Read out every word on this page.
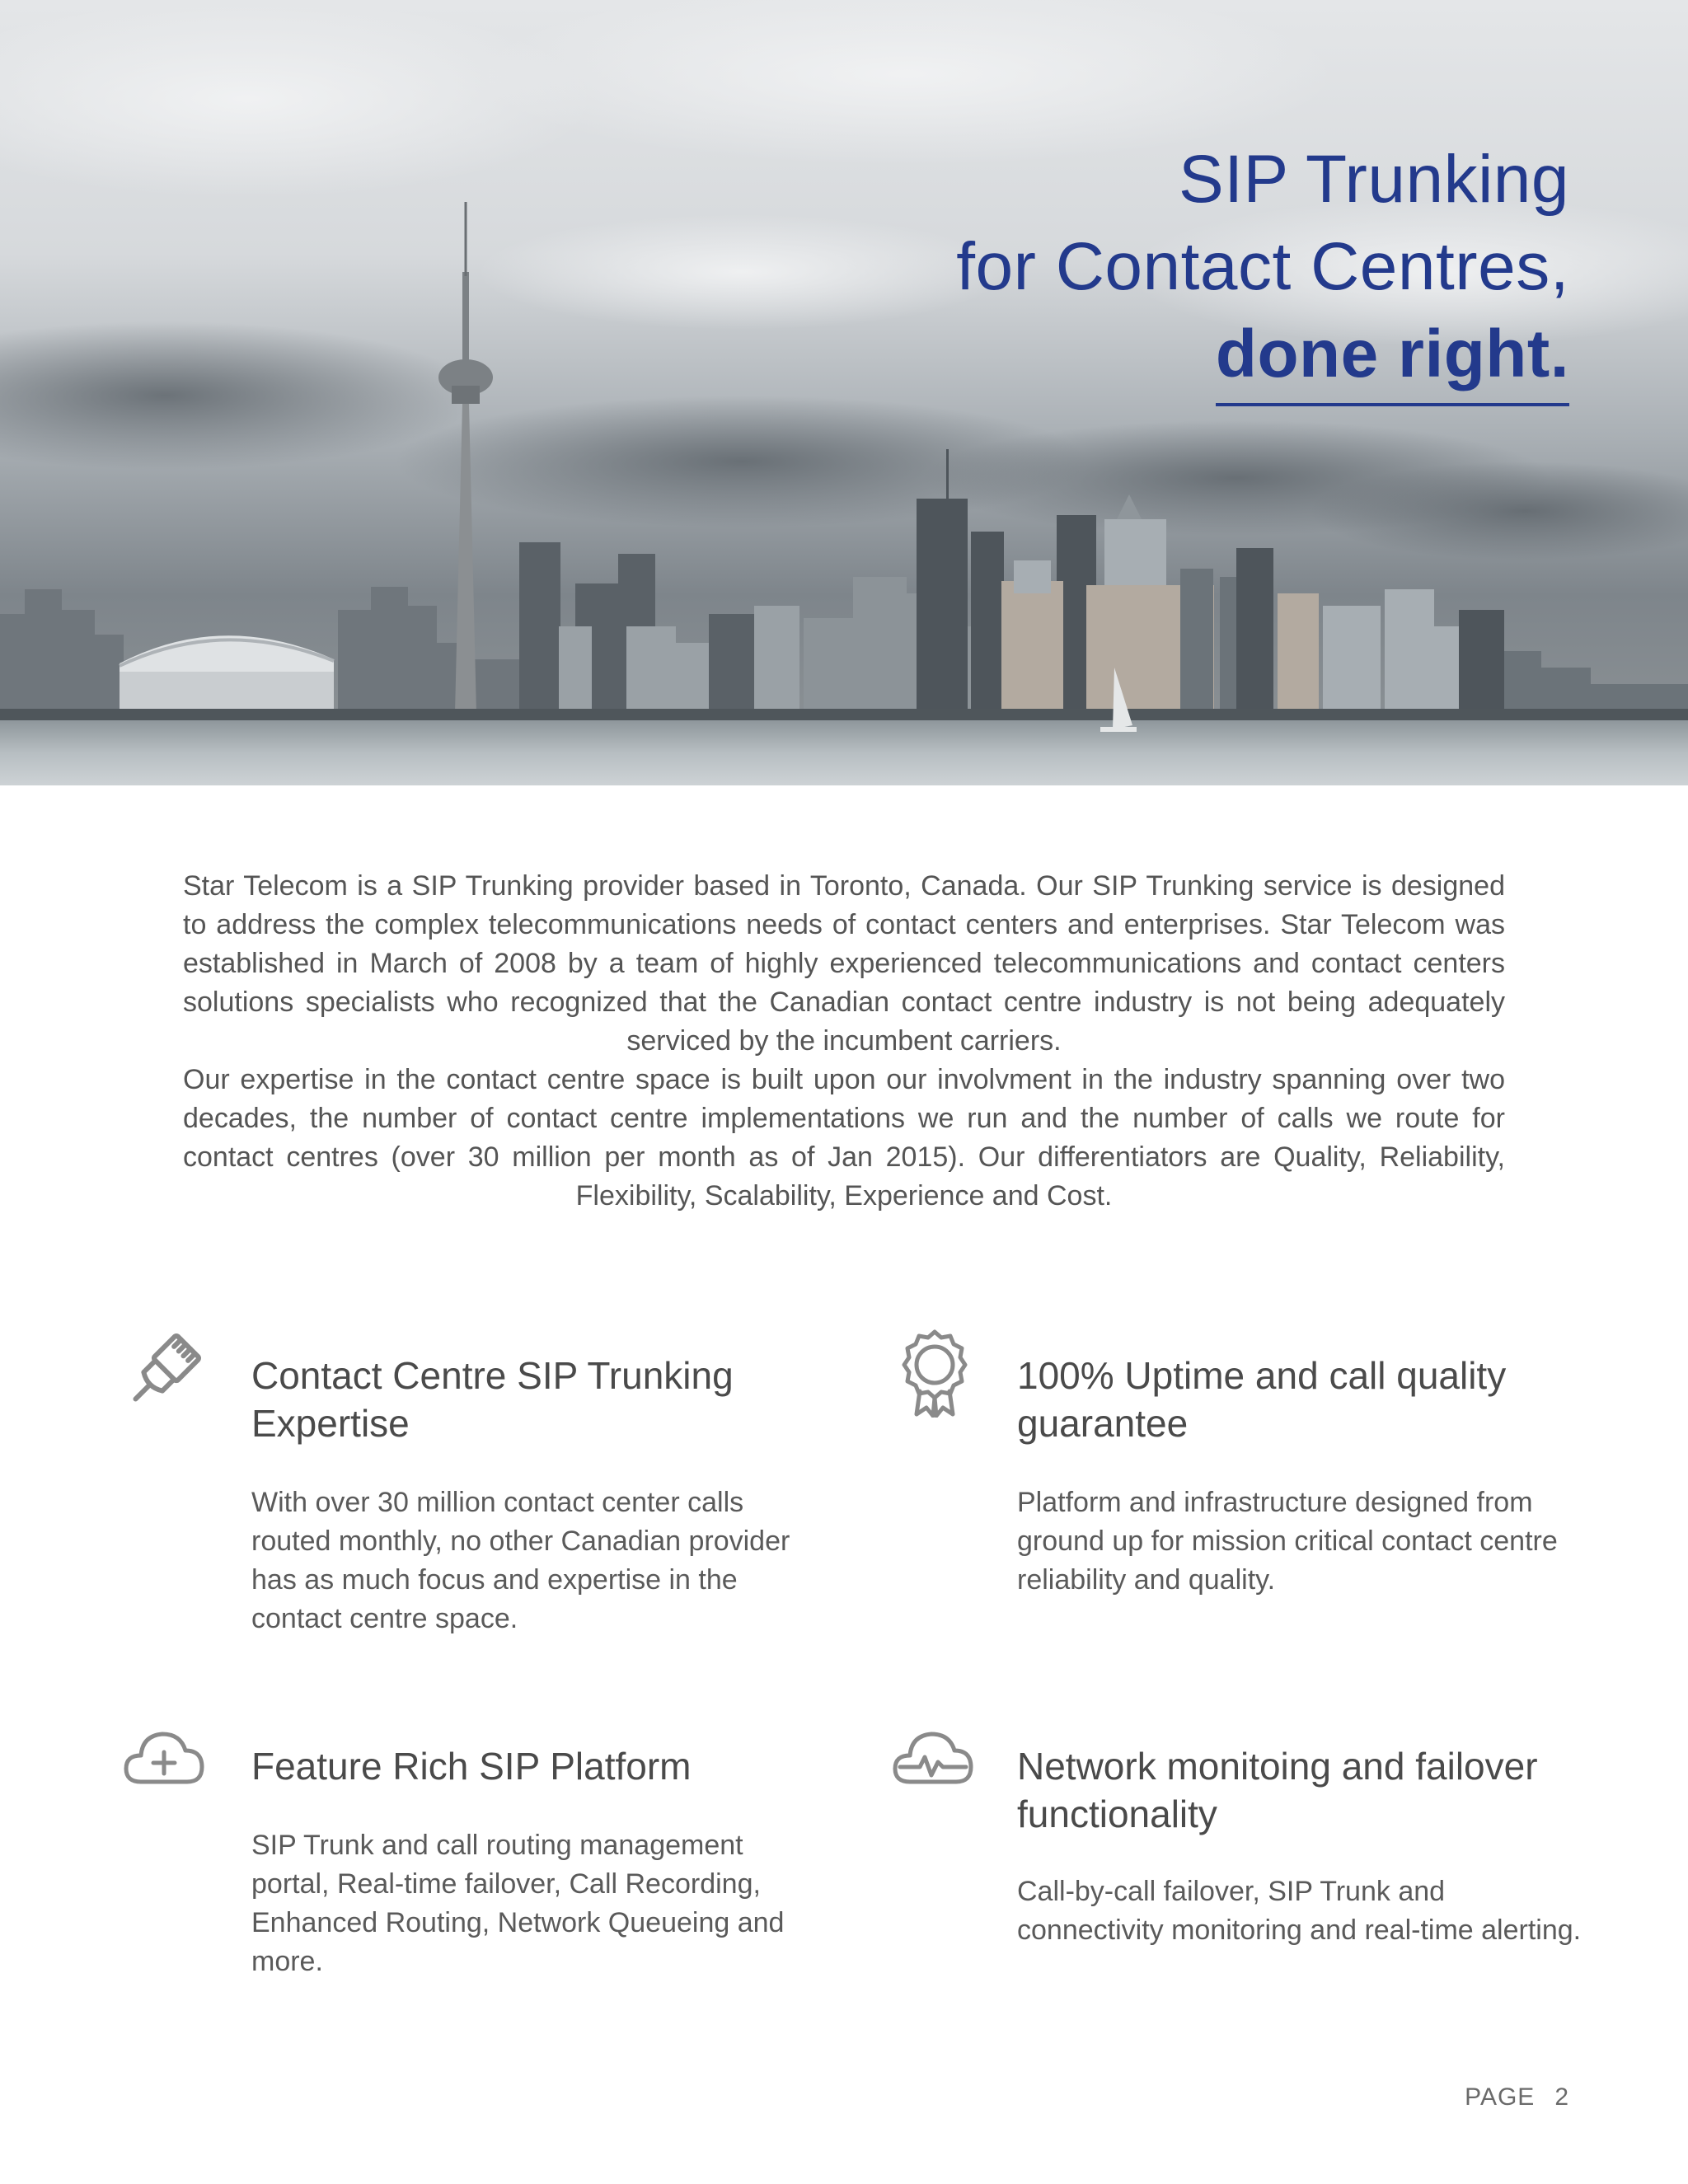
SIP Trunking
for Contact Centres,
done right.

Star Telecom is a SIP Trunking provider based in Toronto, Canada. Our SIP Trunking service is designed to address the complex telecommunications needs of contact centers and enterprises. Star Telecom was established in March of 2008 by a team of highly experienced telecommunications and contact centers solutions specialists who recognized that the Canadian contact centre industry is not being adequately serviced by the incumbent carriers.

Our expertise in the contact centre space is built upon our involvment in the industry spanning over two decades, the number of contact centre implementations we run and the number of calls we route for contact centres (over 30 million per month as of Jan 2015). Our differentiators are Quality, Reliability, Flexibility, Scalability, Experience and Cost.

Contact Centre SIP Trunking Expertise
With over 30 million contact center calls routed monthly, no other Canadian provider has as much focus and expertise in the contact centre space.
100% Uptime and call quality guarantee
Platform and infrastructure designed from ground up for mission critical contact centre reliability and quality.
Feature Rich SIP Platform
SIP Trunk and call routing management portal, Real-time failover, Call Recording, Enhanced Routing, Network Queueing and more.
Network monitoing and failover functionality
Call-by-call failover, SIP Trunk and connectivity monitoring and real-time alerting.
PAGE 2
